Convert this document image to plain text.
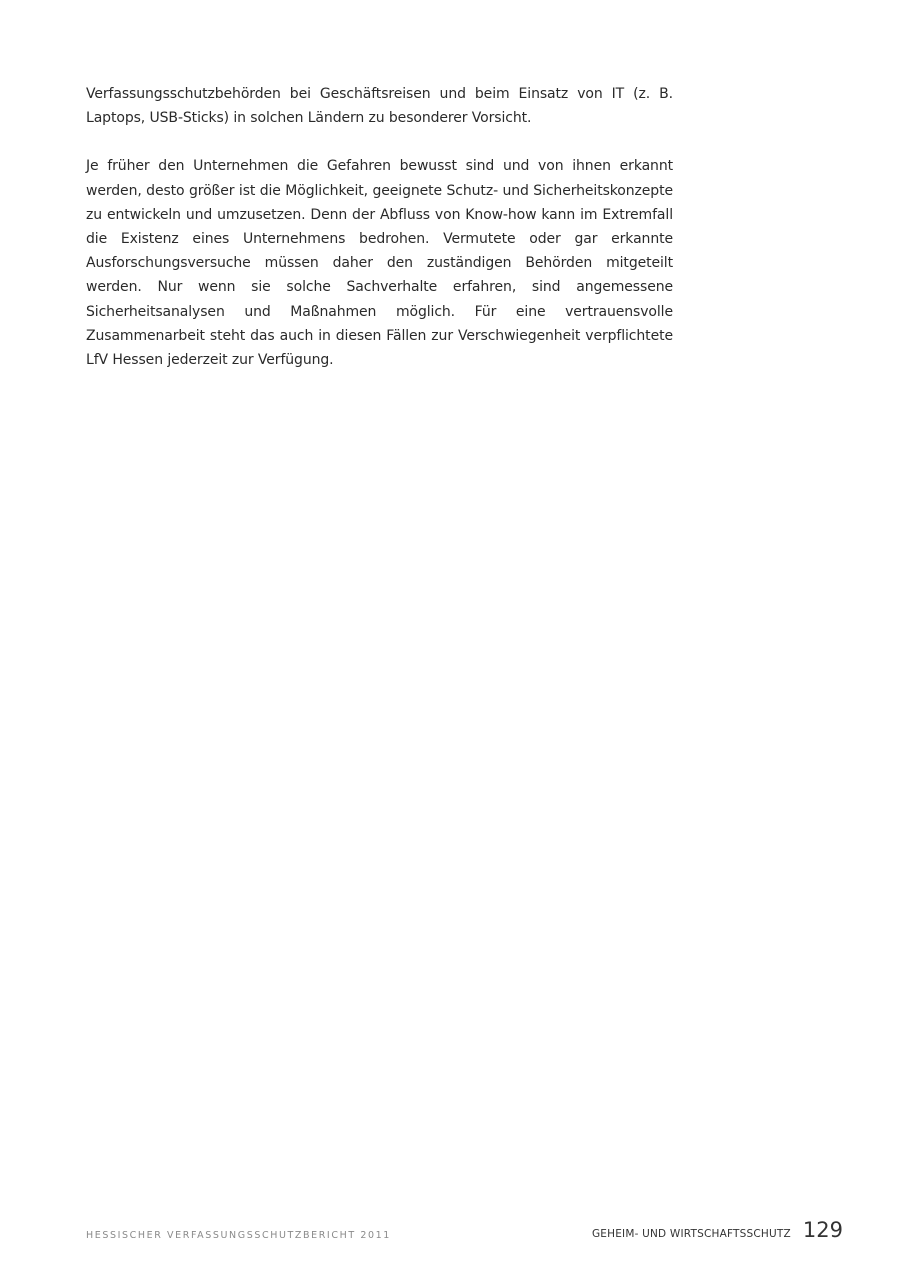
Verfassungsschutzbehörden bei Geschäftsreisen und beim Einsatz von IT (z. B. Laptops, USB-Sticks) in solchen Ländern zu besonderer Vorsicht.

Je früher den Unternehmen die Gefahren bewusst sind und von ihnen erkannt werden, desto größer ist die Möglichkeit, geeignete Schutz- und Sicherheitskonzepte zu entwickeln und umzusetzen. Denn der Abfluss von Know-how kann im Extremfall die Existenz eines Unternehmens bedrohen. Vermutete oder gar erkannte Ausforschungsversuche müssen daher den zuständigen Behörden mitgeteilt werden. Nur wenn sie solche Sachverhalte erfahren, sind angemessene Sicherheitsanalysen und Maßnahmen möglich. Für eine vertrauensvolle Zusammenarbeit steht das auch in diesen Fällen zur Verschwiegenheit verpflichtete LfV Hessen jederzeit zur Verfügung.

HESSISCHER VERFASSUNGSSCHUTZBERICHT 2011	GEHEIM- UND WIRTSCHAFTSSCHUTZ 129
